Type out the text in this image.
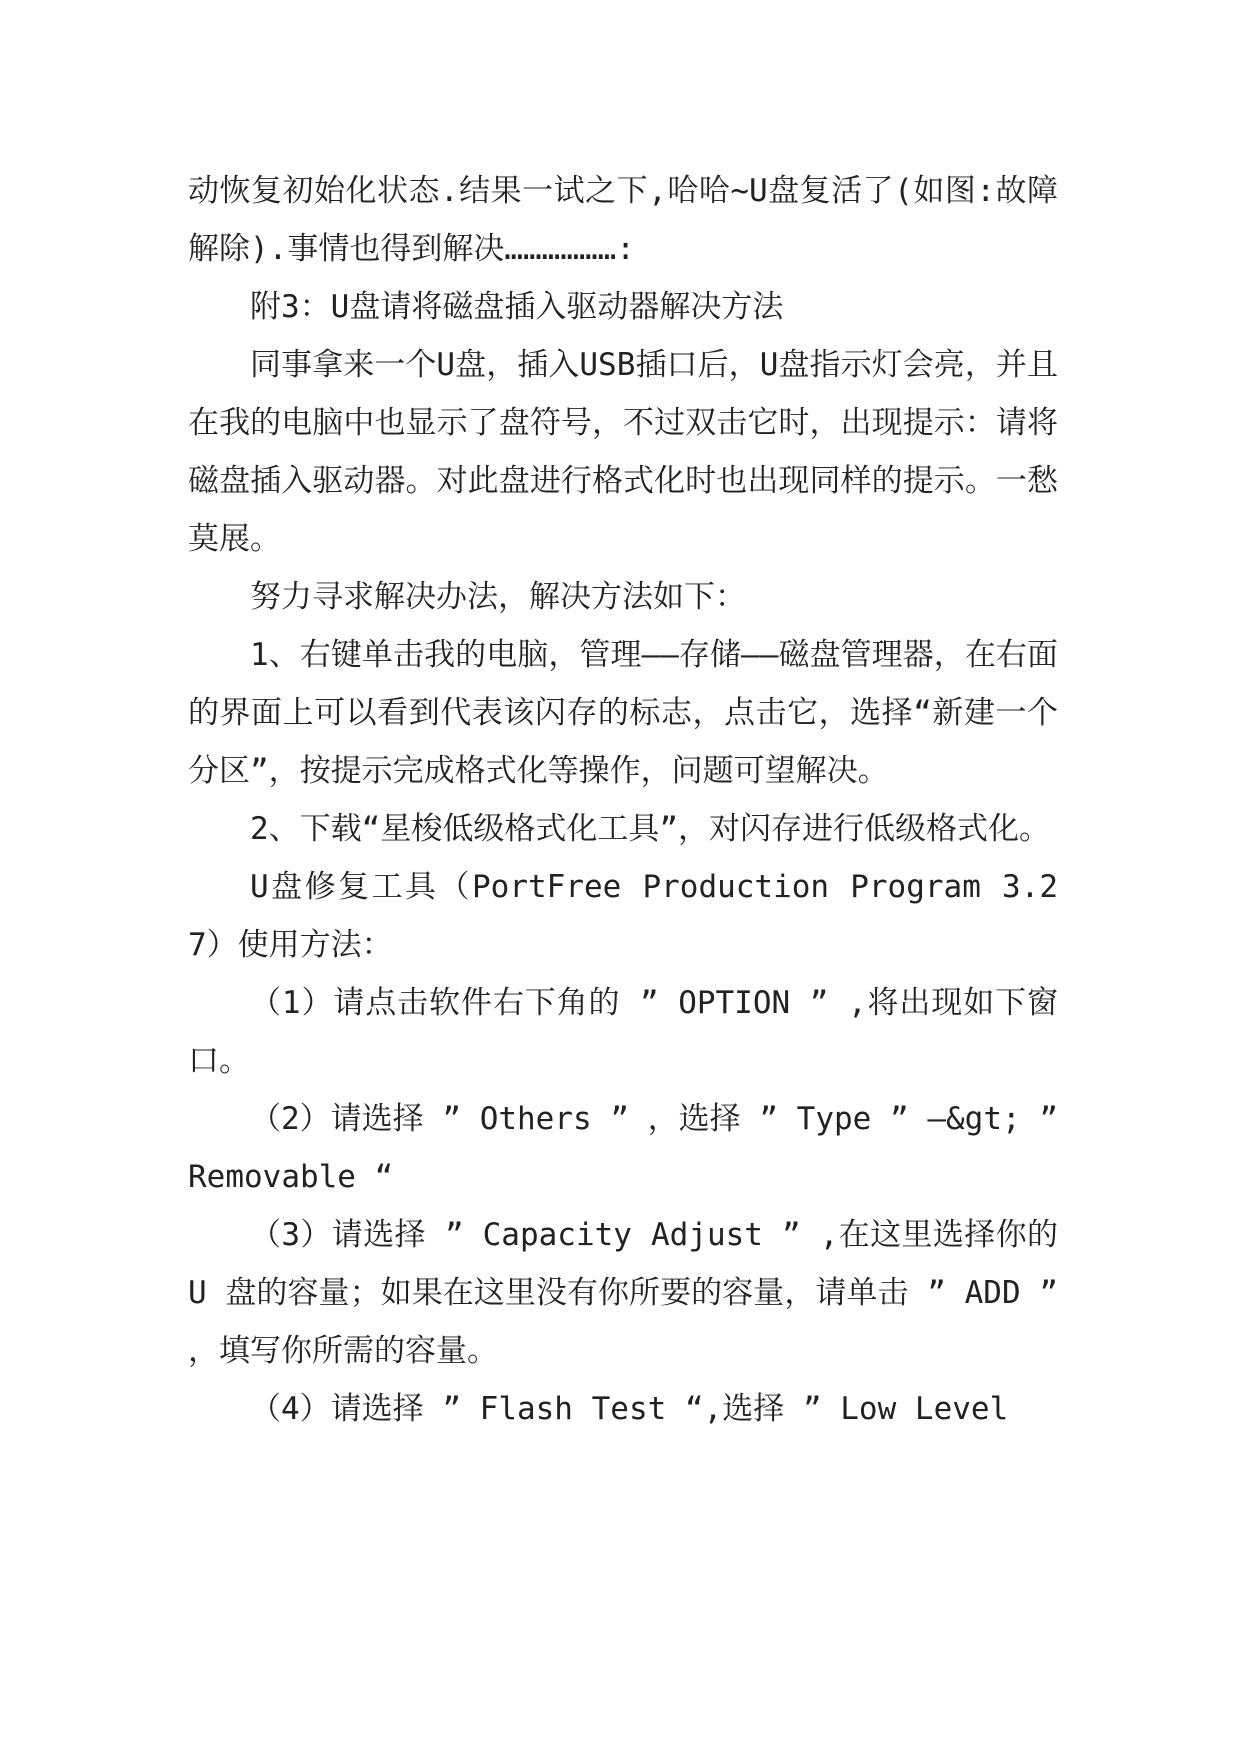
动恢复初始化状态.结果一试之下,哈哈~U盘复活了(如图:故障解除).事情也得到解决………………:

附3：U盘请将磁盘插入驱动器解决方法

同事拿来一个U盘，插入USB插口后，U盘指示灯会亮，并且在我的电脑中也显示了盘符号，不过双击它时，出现提示：请将磁盘插入驱动器。对此盘进行格式化时也出现同样的提示。一愁莫展。

努力寻求解决办法，解决方法如下：

1、右键单击我的电脑，管理——存储——磁盘管理器，在右面的界面上可以看到代表该闪存的标志，点击它，选择“新建一个分区”，按提示完成格式化等操作，问题可望解决。

2、下载“星梭低级格式化工具”，对闪存进行低级格式化。

U盘修复工具（PortFree Production Program 3.27）使用方法：

（1）请点击软件右下角的 ” OPTION ” ,将出现如下窗口。

（2）请选择 ” Others ” ，选择 ” Type ” —&gt; ” Removable “

（3）请选择 ” Capacity Adjust ” ,在这里选择你的 U 盘的容量；如果在这里没有你所要的容量，请单击 ” ADD ” ，填写你所需的容量。

（4）请选择 ” Flash Test “,选择 ” Low Level
